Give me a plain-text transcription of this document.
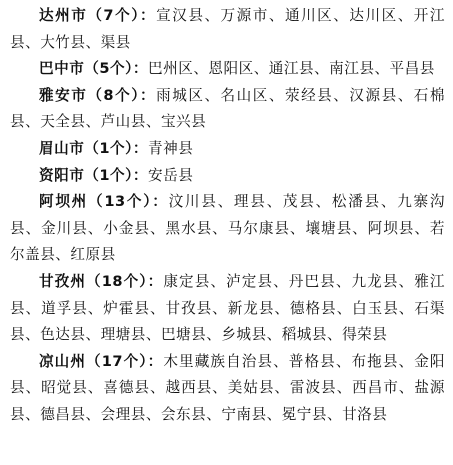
达州市（7个）：宣汉县、万源市、通川区、达川区、开江县、大竹县、渠县

巴中市（5个）：巴州区、恩阳区、通江县、南江县、平昌县

雅安市（8个）：雨城区、名山区、荥经县、汉源县、石棉县、天全县、芦山县、宝兴县

眉山市（1个）：青神县

资阳市（1个）：安岳县

阿坝州（13个）：汶川县、理县、茂县、松潘县、九寨沟县、金川县、小金县、黑水县、马尔康县、壤塘县、阿坝县、若尔盖县、红原县

甘孜州（18个）：康定县、泸定县、丹巴县、九龙县、雅江县、道孚县、炉霍县、甘孜县、新龙县、德格县、白玉县、石渠县、色达县、理塘县、巴塘县、乡城县、稻城县、得荣县

凉山州（17个）：木里藏族自治县、普格县、布拖县、金阳县、昭觉县、喜德县、越西县、美姑县、雷波县、西昌市、盐源县、德昌县、会理县、会东县、宁南县、冕宁县、甘洛县
